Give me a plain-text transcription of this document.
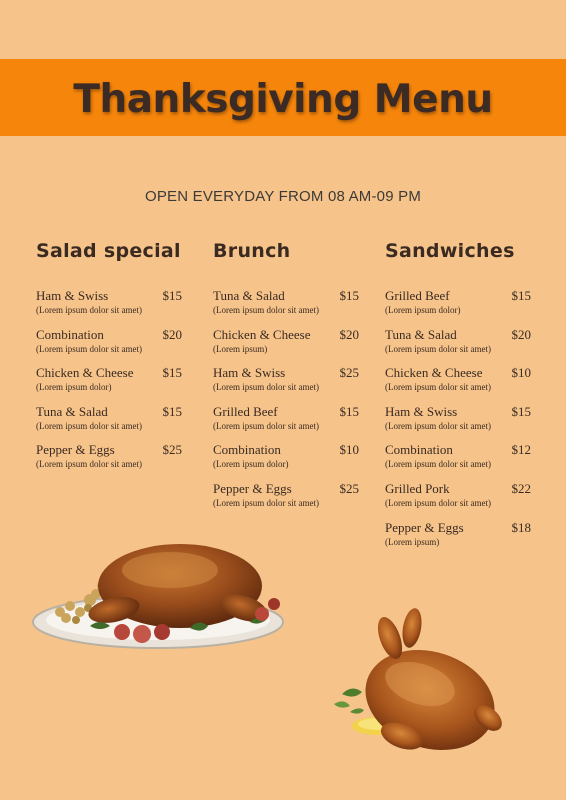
Thanksgiving Menu
OPEN EVERYDAY FROM 08 AM-09 PM
Salad special
Ham & Swiss	$15
(Lorem ipsum dolor sit amet)
Combination	$20
(Lorem ipsum dolor sit amet)
Chicken & Cheese	$15
(Lorem ipsum dolor)
Tuna & Salad	$15
(Lorem ipsum dolor sit amet)
Pepper & Eggs	$25
(Lorem ipsum dolor sit amet)
Brunch
Tuna & Salad	$15
(Lorem ipsum dolor sit amet)
Chicken & Cheese	$20
(Lorem ipsum)
Ham & Swiss	$25
(Lorem ipsum dolor sit amet)
Grilled Beef	$15
(Lorem ipsum dolor sit amet)
Combination	$10
(Lorem ipsum dolor)
Pepper & Eggs	$25
(Lorem ipsum dolor sit amet)
Sandwiches
Grilled Beef	$15
(Lorem ipsum dolor)
Tuna & Salad	$20
(Lorem ipsum dolor sit amet)
Chicken & Cheese	$10
(Lorem ipsum dolor sit amet)
Ham & Swiss	$15
(Lorem ipsum dolor sit amet)
Combination	$12
(Lorem ipsum dolor sit amet)
Grilled Pork	$22
(Lorem ipsum dolor sit amet)
Pepper & Eggs	$18
(Lorem ipsum)
